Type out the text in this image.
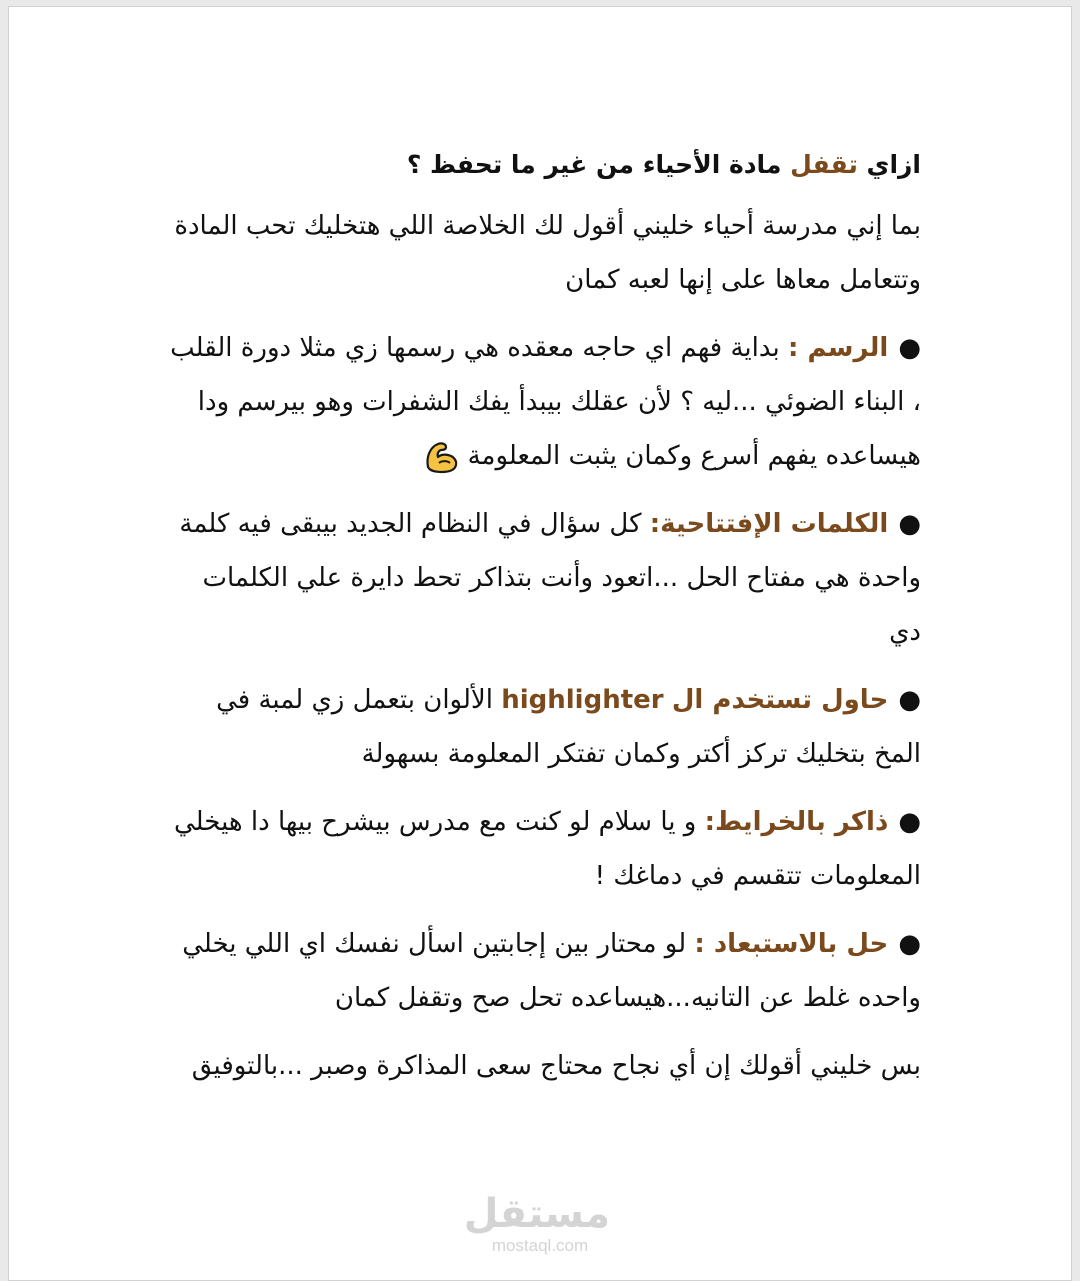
ازاي تقفل مادة الأحياء من غير ما تحفظ ؟
بما إني مدرسة أحياء خليني أقول لك الخلاصة اللي هتخليك تحب المادة وتتعامل معاها على إنها لعبه كمان
●الرسم : بداية فهم اي حاجه معقده هي رسمها زي مثلا دورة القلب ، البناء الضوئي ...ليه ؟ لأن عقلك بيبدأ يفك الشفرات وهو بيرسم ودا هيساعده يفهم أسرع وكمان يثبت المعلومة
●الكلمات الإفتتاحية: كل سؤال في النظام الجديد بيبقى فيه كلمة واحدة هي مفتاح الحل ...اتعود وأنت بتذاكر تحط دايرة علي الكلمات دي
●حاول تستخدم ال highlighter الألوان بتعمل زي لمبة في المخ بتخليك تركز أكتر وكمان تفتكر المعلومة بسهولة
●ذاكر بالخرايط: و يا سلام لو كنت مع مدرس بيشرح بيها دا هيخلي المعلومات تتقسم في دماغك !
●حل بالاستبعاد : لو محتار بين إجابتين اسأل نفسك اي اللي يخلي واحده غلط عن التانيه...هيساعده تحل صح وتقفل كمان
بس خليني أقولك إن أي نجاح محتاج سعى المذاكرة وصبر ...بالتوفيق
مستقل
mostaql.com
